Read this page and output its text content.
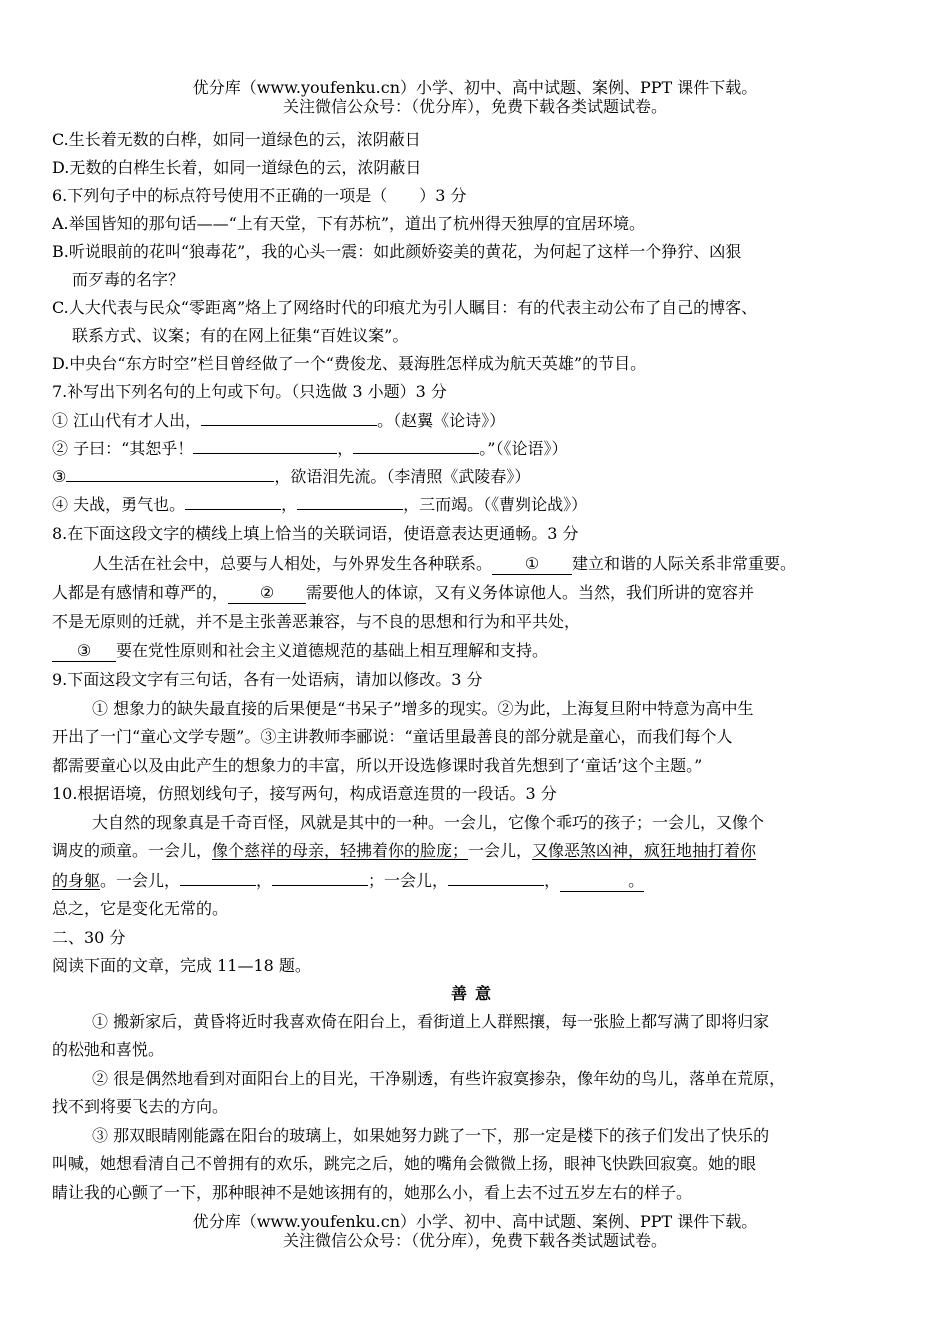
优分库（www.youfenku.cn）小学、初中、高中试题、案例、PPT 课件下载。
关注微信公众号：（优分库），免费下载各类试题试卷。
C.生长着无数的白桦，如同一道绿色的云，浓阴蔽日
D.无数的白桦生长着，如同一道绿色的云，浓阴蔽日
6.下列句子中的标点符号使用不正确的一项是（　　）3 分
A.举国皆知的那句话——“上有天堂，下有苏杭”，道出了杭州得天独厚的宜居环境。
B.听说眼前的花叫“狼毒花”，我的心头一震：如此颜娇姿美的黄花，为何起了这样一个狰狞、凶狠
而歹毒的名字？
C.人大代表与民众“零距离”烙上了网络时代的印痕尤为引人瞩目：有的代表主动公布了自己的博客、
联系方式、议案；有的在网上征集“百姓议案”。
D.中央台“东方时空”栏目曾经做了一个“费俊龙、聂海胜怎样成为航天英雄”的节目。
7.补写出下列名句的上句或下句。（只选做 3 小题）3 分
① 江山代有才人出，	。（赵翼《论诗》）
② 子曰：“其恕乎！	，	。”（《论语》）
③	，欲语泪先流。（李清照《武陵春》）
④ 夫战，勇气也。	，	，三而竭。（《曹刿论战》）
8.在下面这段文字的横线上填上恰当的关联词语，使语意表达更通畅。3 分
人生活在社会中，总要与人相处，与外界发生各种联系。 ① 建立和谐的人际关系非常重要。
人都是有感情和尊严的， ② 需要他人的体谅，又有义务体谅他人。当然，我们所讲的宽容并
不是无原则的迁就，并不是主张善恶兼容，与不良的思想和行为和平共处，
③ 要在党性原则和社会主义道德规范的基础上相互理解和支持。
9.下面这段文字有三句话，各有一处语病，请加以修改。3 分
① 想象力的缺失最直接的后果便是“书呆子”增多的现实。②为此，上海复旦附中特意为高中生
开出了一门“童心文学专题”。③主讲教师李郦说：“童话里最善良的部分就是童心，而我们每个人
都需要童心以及由此产生的想象力的丰富，所以开设选修课时我首先想到了‘童话’这个主题。”
10.根据语境，仿照划线句子，接写两句，构成语意连贯的一段话。3 分
大自然的现象真是千奇百怪，风就是其中的一种。一会儿，它像个乖巧的孩子；一会儿，又像个
调皮的顽童。一会儿，像个慈祥的母亲，轻拂着你的脸庞；一会儿，又像恶煞凶神，疯狂地抽打着你
的身躯。一会儿，	，	；一会儿，	，	。
总之，它是变化无常的。
二、30 分
阅读下面的文章，完成 11—18 题。
善意
① 搬新家后，黄昏将近时我喜欢倚在阳台上，看街道上人群熙攘，每一张脸上都写满了即将归家
的松弛和喜悦。
② 很是偶然地看到对面阳台上的目光，干净剔透，有些许寂寞掺杂，像年幼的鸟儿，落单在荒原，
找不到将要飞去的方向。
③ 那双眼睛刚能露在阳台的玻璃上，如果她努力跳了一下，那一定是楼下的孩子们发出了快乐的
叫喊，她想看清自己不曾拥有的欢乐，跳完之后，她的嘴角会微微上扬，眼神飞快跌回寂寞。她的眼
睛让我的心颤了一下，那种眼神不是她该拥有的，她那么小，看上去不过五岁左右的样子。
优分库（www.youfenku.cn）小学、初中、高中试题、案例、PPT 课件下载。
关注微信公众号：（优分库），免费下载各类试题试卷。
